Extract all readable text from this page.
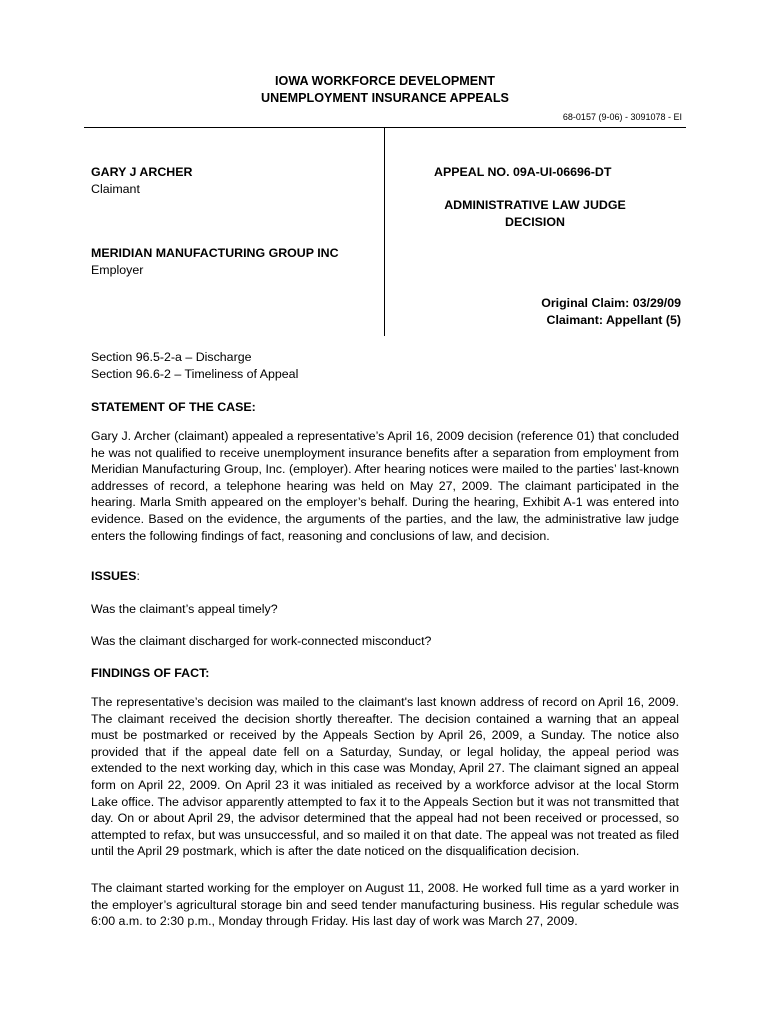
IOWA WORKFORCE DEVELOPMENT
UNEMPLOYMENT INSURANCE APPEALS
68-0157 (9-06) - 3091078 - EI
GARY J ARCHER
Claimant
MERIDIAN MANUFACTURING GROUP INC
Employer
APPEAL NO. 09A-UI-06696-DT
ADMINISTRATIVE LAW JUDGE
DECISION
Original Claim: 03/29/09
Claimant: Appellant (5)
Section 96.5-2-a – Discharge
Section 96.6-2 – Timeliness of Appeal
STATEMENT OF THE CASE:

Gary J. Archer (claimant) appealed a representative’s April 16, 2009 decision (reference 01) that concluded he was not qualified to receive unemployment insurance benefits after a separation from employment from Meridian Manufacturing Group, Inc. (employer). After hearing notices were mailed to the parties’ last-known addresses of record, a telephone hearing was held on May 27, 2009. The claimant participated in the hearing. Marla Smith appeared on the employer’s behalf. During the hearing, Exhibit A-1 was entered into evidence. Based on the evidence, the arguments of the parties, and the law, the administrative law judge enters the following findings of fact, reasoning and conclusions of law, and decision.

ISSUES:
Was the claimant’s appeal timely?
Was the claimant discharged for work-connected misconduct?
FINDINGS OF FACT:

The representative’s decision was mailed to the claimant's last known address of record on April 16, 2009. The claimant received the decision shortly thereafter. The decision contained a warning that an appeal must be postmarked or received by the Appeals Section by April 26, 2009, a Sunday. The notice also provided that if the appeal date fell on a Saturday, Sunday, or legal holiday, the appeal period was extended to the next working day, which in this case was Monday, April 27. The claimant signed an appeal form on April 22, 2009. On April 23 it was initialed as received by a workforce advisor at the local Storm Lake office. The advisor apparently attempted to fax it to the Appeals Section but it was not transmitted that day. On or about April 29, the advisor determined that the appeal had not been received or processed, so attempted to refax, but was unsuccessful, and so mailed it on that date. The appeal was not treated as filed until the April 29 postmark, which is after the date noticed on the disqualification decision.

The claimant started working for the employer on August 11, 2008. He worked full time as a yard worker in the employer’s agricultural storage bin and seed tender manufacturing business. His regular schedule was 6:00 a.m. to 2:30 p.m., Monday through Friday. His last day of work was March 27, 2009.
